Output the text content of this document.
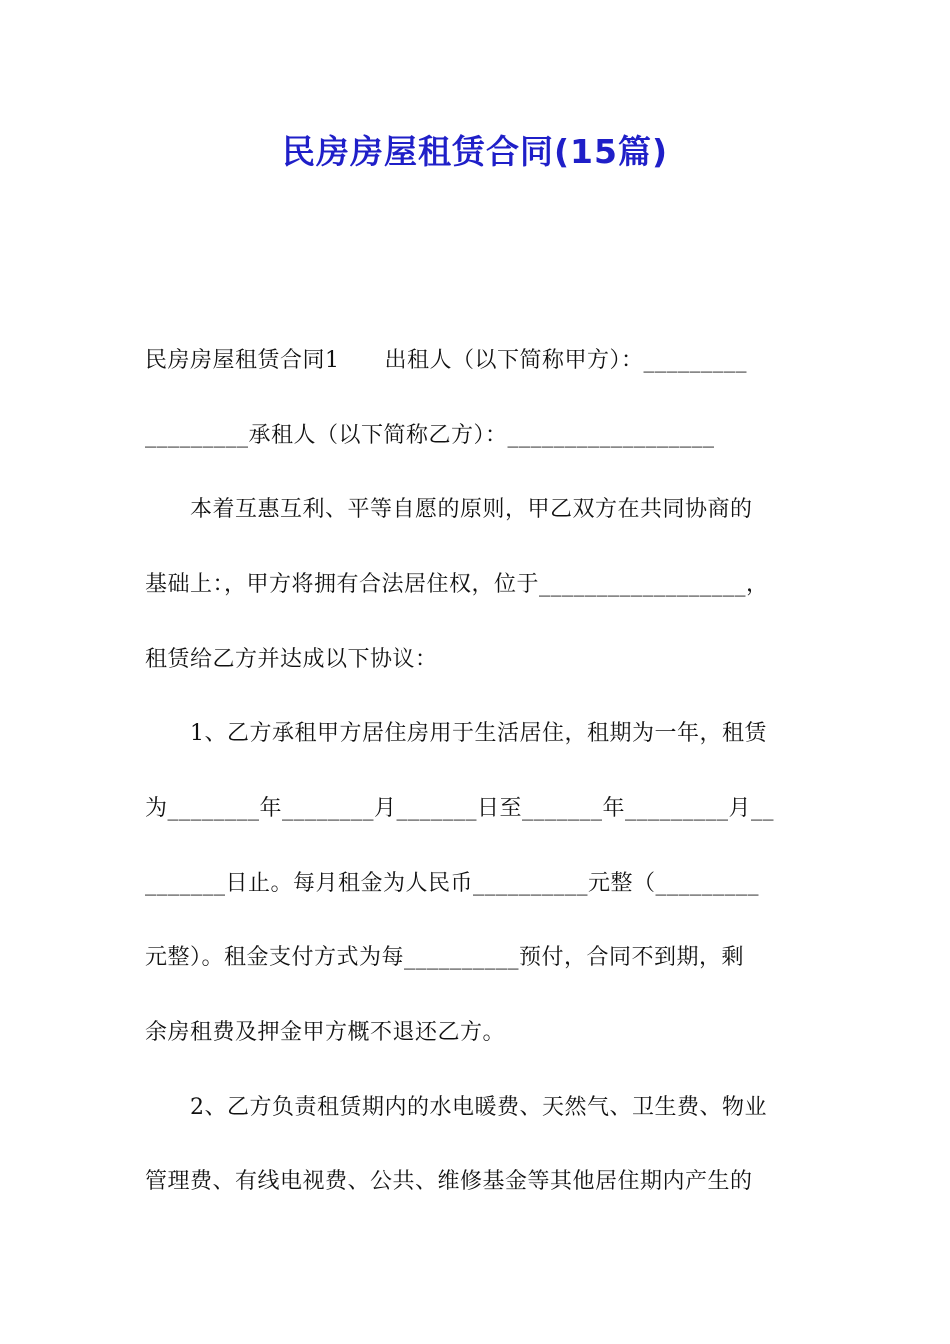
民房房屋租赁合同(15篇)
民房房屋租赁合同1　　出租人（以下简称甲方）：_________
_________承租人（以下简称乙方）：__________________
　　本着互惠互利、平等自愿的原则，甲乙双方在共同协商的
基础上：，甲方将拥有合法居住权，位于__________________，
租赁给乙方并达成以下协议：
　　1、乙方承租甲方居住房用于生活居住，租期为一年，租赁
为________年________月_______日至_______年_________月__
_______日止。每月租金为人民币__________元整（_________
元整）。租金支付方式为每__________预付，合同不到期，剩
余房租费及押金甲方概不退还乙方。
　　2、乙方负责租赁期内的水电暖费、天然气、卫生费、物业
管理费、有线电视费、公共、维修基金等其他居住期内产生的
